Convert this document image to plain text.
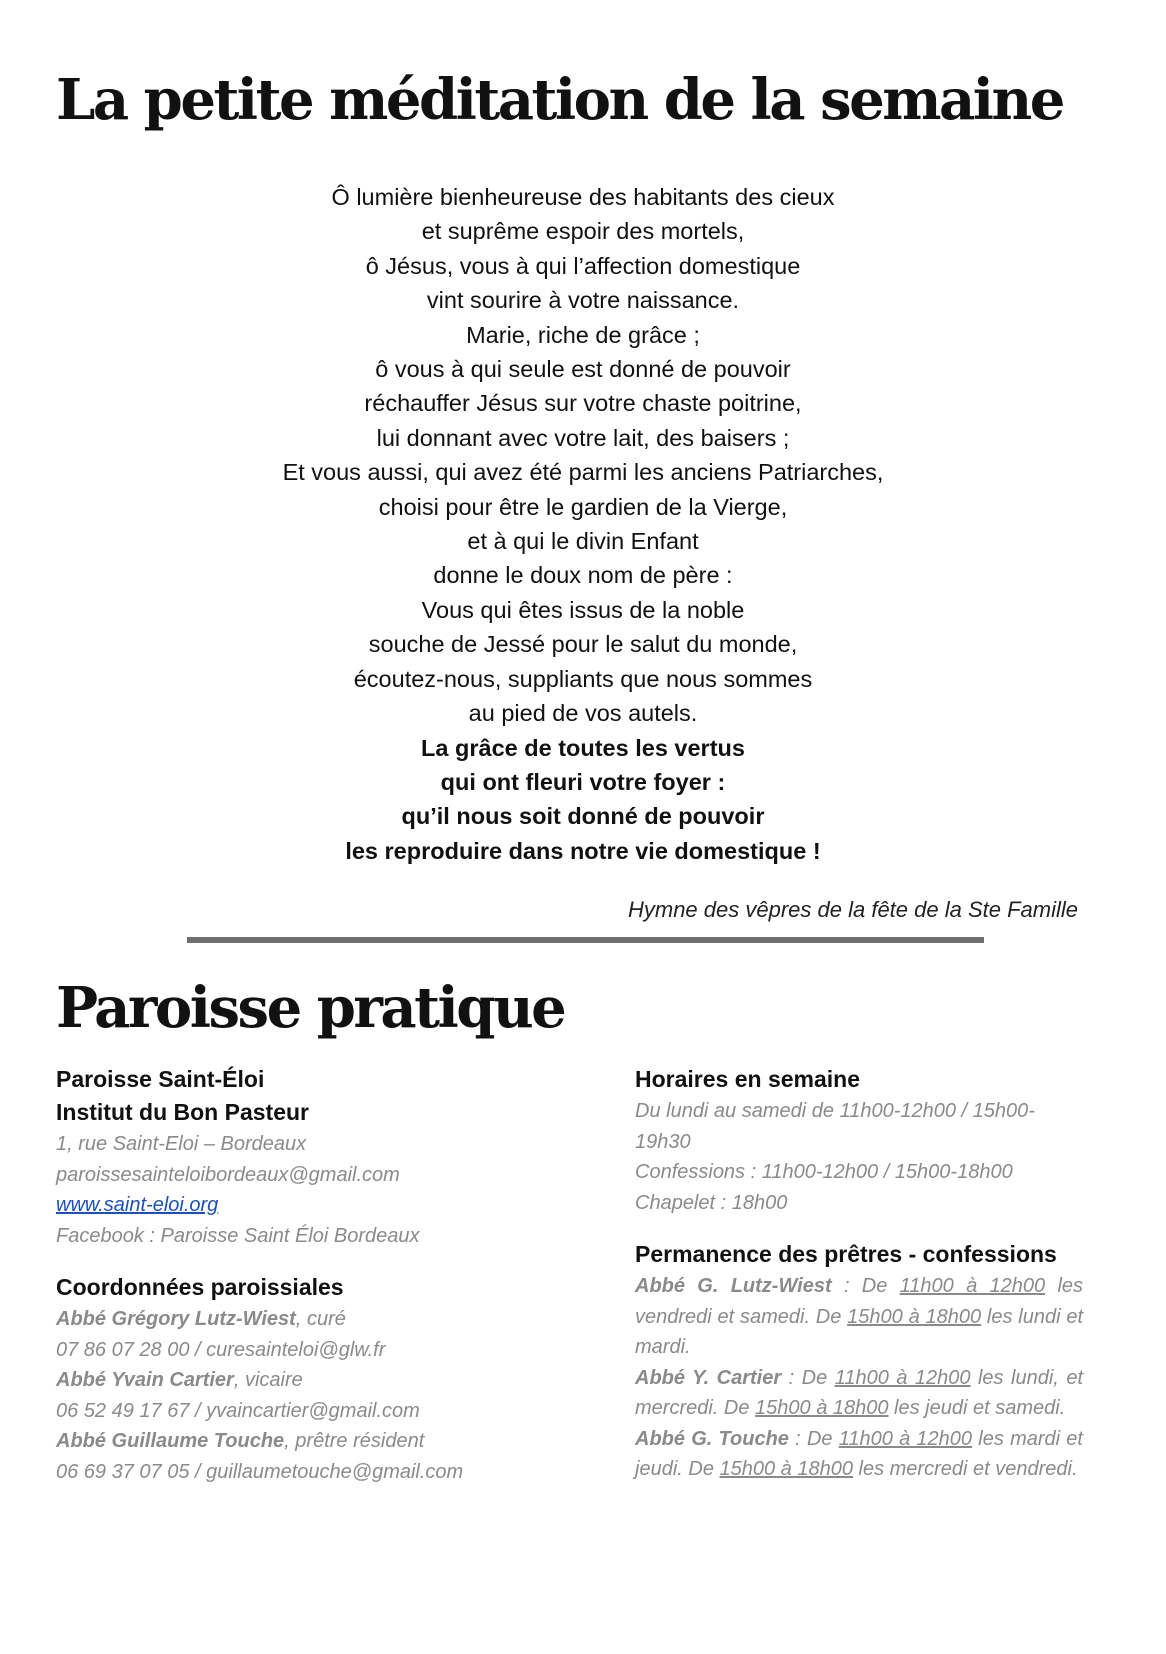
La petite méditation de la semaine
Ô lumière bienheureuse des habitants des cieux
et suprême espoir des mortels,
ô Jésus, vous à qui l’affection domestique
vint sourire à votre naissance.
Marie, riche de grâce ;
ô vous à qui seule est donné de pouvoir
réchauffer Jésus sur votre chaste poitrine,
lui donnant avec votre lait, des baisers ;
Et vous aussi, qui avez été parmi les anciens Patriarches,
choisi pour être le gardien de la Vierge,
et à qui le divin Enfant
donne le doux nom de père :
Vous qui êtes issus de la noble
souche de Jessé pour le salut du monde,
écoutez-nous, suppliants que nous sommes
au pied de vos autels.
La grâce de toutes les vertus
qui ont fleuri votre foyer :
qu’il nous soit donné de pouvoir
les reproduire dans notre vie domestique !
Hymne des vêpres de la fête de la Ste Famille
Paroisse pratique
Paroisse Saint-Éloi
Institut du Bon Pasteur
1, rue Saint-Eloi – Bordeaux
paroissesainteloibordeaux@gmail.com
www.saint-eloi.org
Facebook : Paroisse Saint Éloi Bordeaux
Coordonnées paroissiales
Abbé Grégory Lutz-Wiest, curé
07 86 07 28 00 / curesainteloi@glw.fr
Abbé Yvain Cartier, vicaire
06 52 49 17 67 / yvaincartier@gmail.com
Abbé Guillaume Touche, prêtre résident
06 69 37 07 05 / guillaumetouche@gmail.com
Horaires en semaine
Du lundi au samedi de 11h00-12h00 / 15h00-
19h30
Confessions : 11h00-12h00 / 15h00-18h00
Chapelet : 18h00
Permanence des prêtres - confessions
Abbé G. Lutz-Wiest : De 11h00 à 12h00 les vendredi et samedi. De 15h00 à 18h00 les lundi et mardi.
Abbé Y. Cartier : De 11h00 à 12h00 les lundi, et mercredi. De 15h00 à 18h00 les jeudi et samedi.
Abbé G. Touche : De 11h00 à 12h00 les mardi et jeudi. De 15h00 à 18h00 les mercredi et vendredi.
